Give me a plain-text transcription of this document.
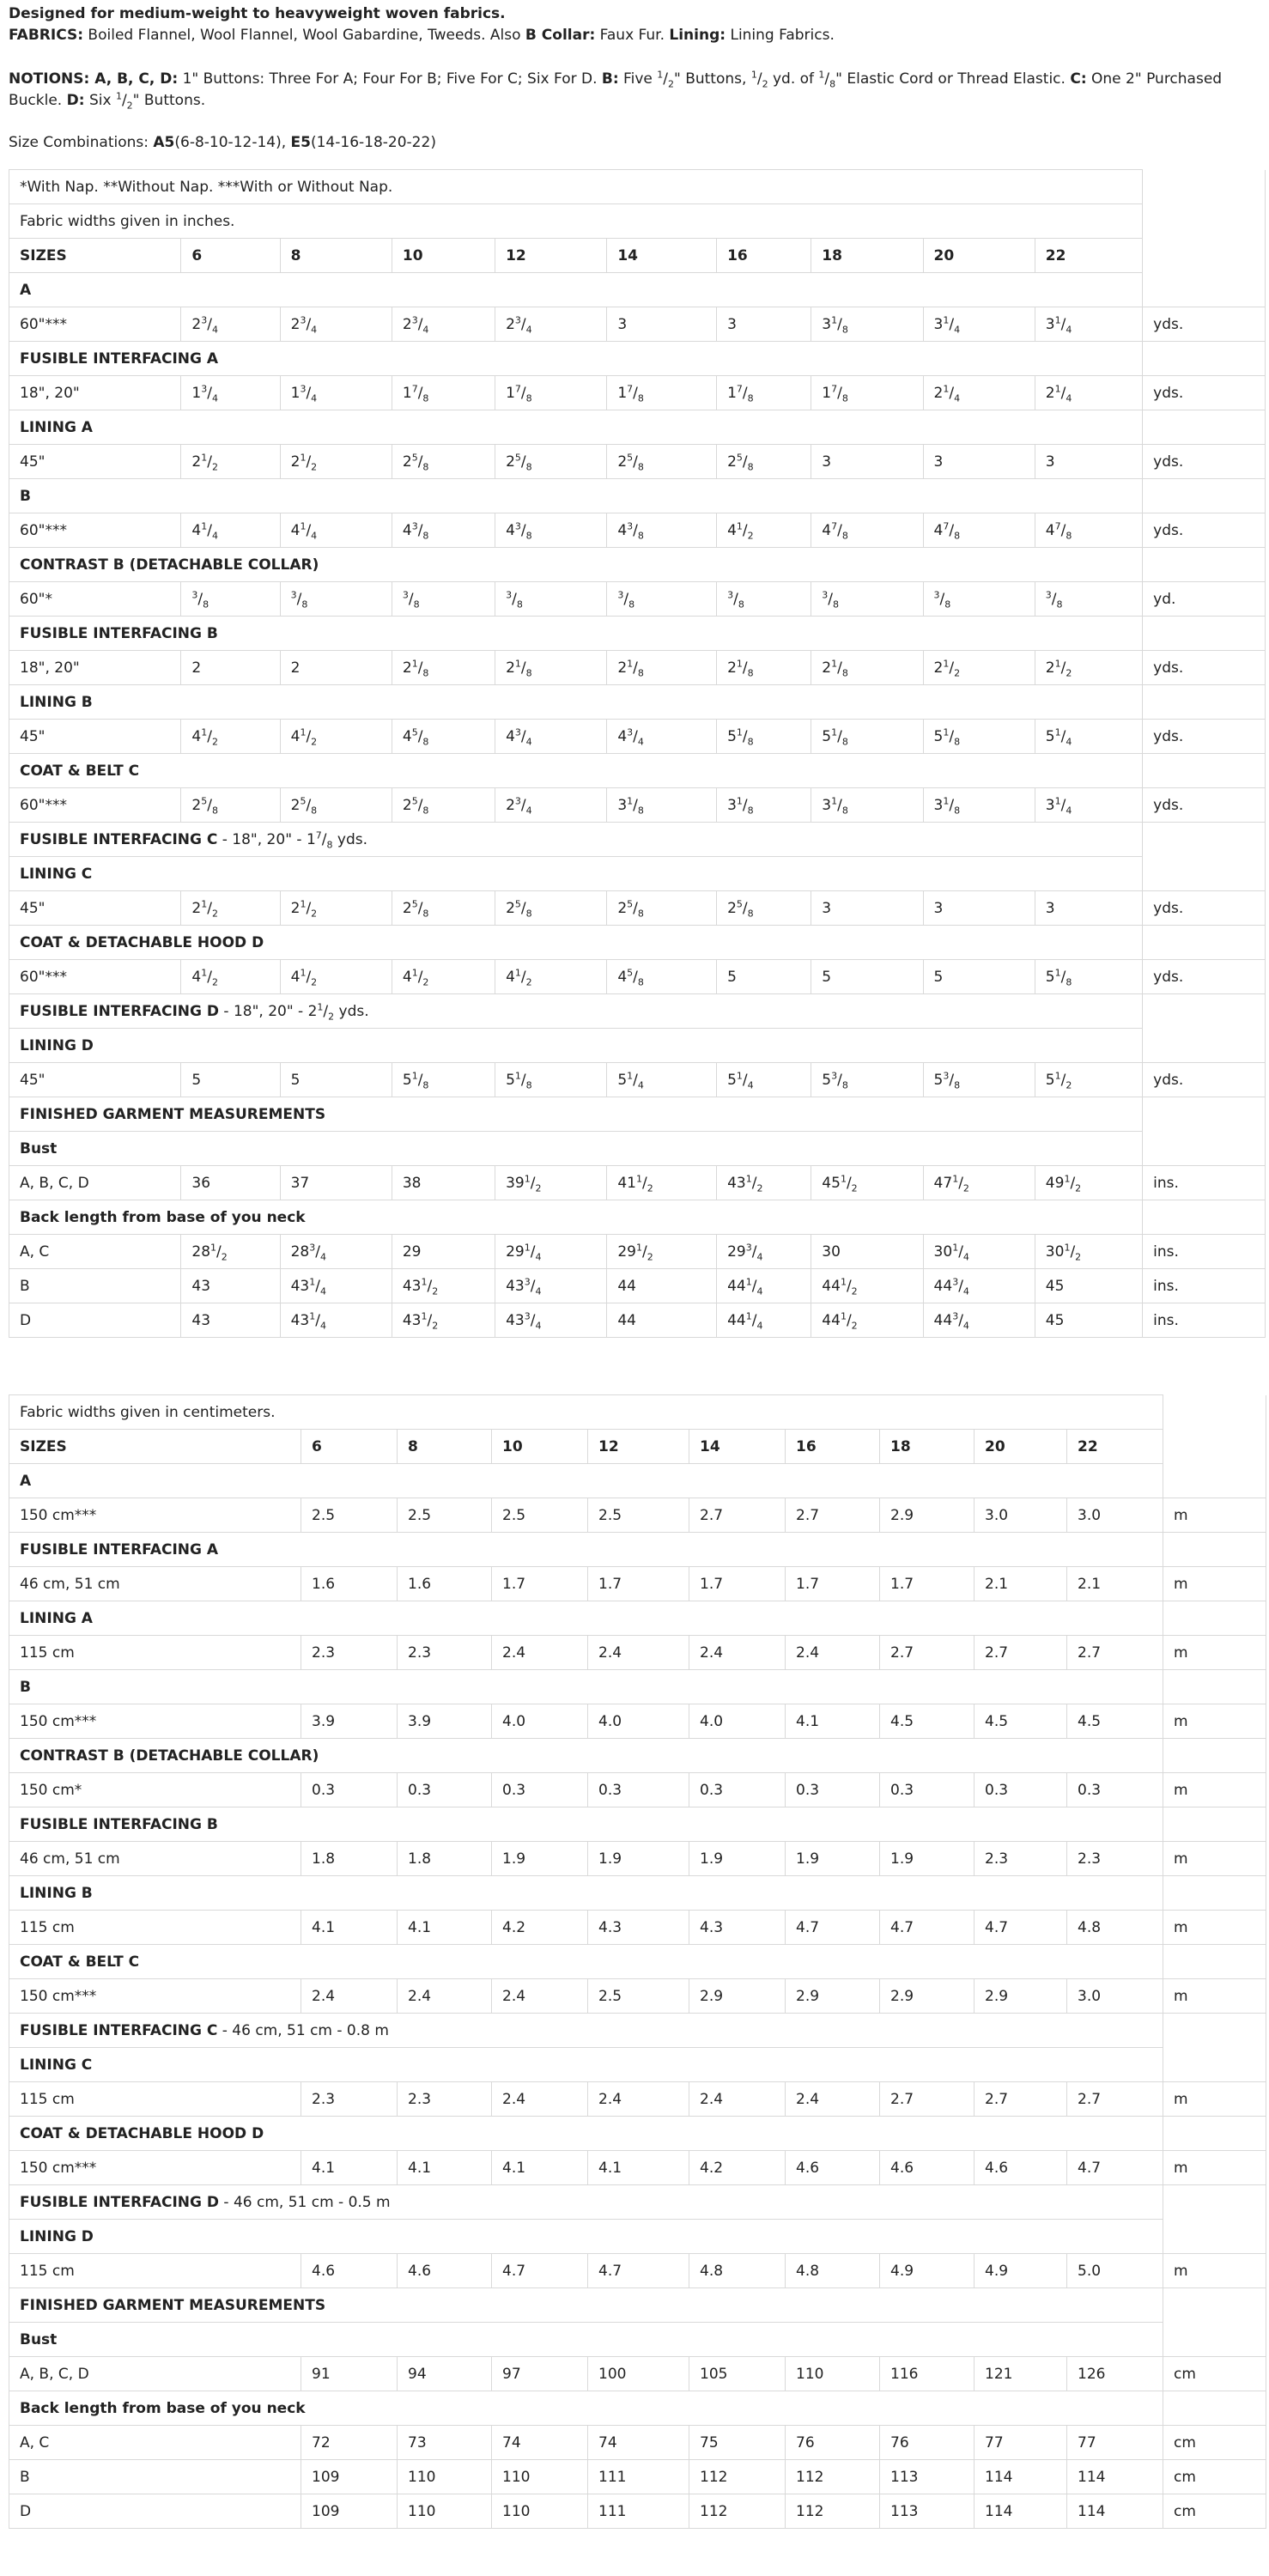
Designed for medium-weight to heavyweight woven fabrics.

FABRICS: Boiled Flannel, Wool Flannel, Wool Gabardine, Tweeds. Also B Collar: Faux Fur. Lining: Lining Fabrics.

NOTIONS: A, B, C, D: 1" Buttons: Three For A; Four For B; Five For C; Six For D. B: Five $^1/_2$" Buttons, $^1/_2$ yd. of $^1/_8$" Elastic Cord or Thread Elastic. C: One 2" Purchased Buckle. D: Six $^1/_2$" Buttons.

Size Combinations: A5(6-8-10-12-14), E5(14-16-18-20-22)

*With Nap. **Without Nap. ***With or Without Nap.										
Fabric widths given in inches.										
SIZES	6	8	10	12	14	16	18	20	22	
A										
60"***	$2^3/_4$	$2^3/_4$	$2^3/_4$	$2^3/_4$	3	3	$3^1/_8$	$3^1/_4$	$3^1/_4$	yds.
FUSIBLE INTERFACING A										
18", 20"	$1^3/_4$	$1^3/_4$	$1^7/_8$	$1^7/_8$	$1^7/_8$	$1^7/_8$	$1^7/_8$	$2^1/_4$	$2^1/_4$	yds.
LINING A										
45"	$2^1/_2$	$2^1/_2$	$2^5/_8$	$2^5/_8$	$2^5/_8$	$2^5/_8$	3	3	3	yds.
B										
60"***	$4^1/_4$	$4^1/_4$	$4^3/_8$	$4^3/_8$	$4^3/_8$	$4^1/_2$	$4^7/_8$	$4^7/_8$	$4^7/_8$	yds.
CONTRAST B (DETACHABLE COLLAR)										
60"*	$^3/_8$	$^3/_8$	$^3/_8$	$^3/_8$	$^3/_8$	$^3/_8$	$^3/_8$	$^3/_8$	$^3/_8$	yd.
FUSIBLE INTERFACING B										
18", 20"	2	2	$2^1/_8$	$2^1/_8$	$2^1/_8$	$2^1/_8$	$2^1/_8$	$2^1/_2$	$2^1/_2$	yds.
LINING B										
45"	$4^1/_2$	$4^1/_2$	$4^5/_8$	$4^3/_4$	$4^3/_4$	$5^1/_8$	$5^1/_8$	$5^1/_8$	$5^1/_4$	yds.
COAT & BELT C										
60"***	$2^5/_8$	$2^5/_8$	$2^5/_8$	$2^3/_4$	$3^1/_8$	$3^1/_8$	$3^1/_8$	$3^1/_8$	$3^1/_4$	yds.
FUSIBLE INTERFACING C - 18", 20" - $1^7/_8$ yds.										
LINING C										
45"	$2^1/_2$	$2^1/_2$	$2^5/_8$	$2^5/_8$	$2^5/_8$	$2^5/_8$	3	3	3	yds.
COAT & DETACHABLE HOOD D										
60"***	$4^1/_2$	$4^1/_2$	$4^1/_2$	$4^1/_2$	$4^5/_8$	5	5	5	$5^1/_8$	yds.
FUSIBLE INTERFACING D - 18", 20" - $2^1/_2$ yds.										
LINING D										
45"	5	5	$5^1/_8$	$5^1/_8$	$5^1/_4$	$5^1/_4$	$5^3/_8$	$5^3/_8$	$5^1/_2$	yds.
FINISHED GARMENT MEASUREMENTS										
Bust										
A, B, C, D	36	37	38	$39^1/_2$	$41^1/_2$	$43^1/_2$	$45^1/_2$	$47^1/_2$	$49^1/_2$	ins.
Back length from base of you neck										
A, C	$28^1/_2$	$28^3/_4$	29	$29^1/_4$	$29^1/_2$	$29^3/_4$	30	$30^1/_4$	$30^1/_2$	ins.
B	43	$43^1/_4$	$43^1/_2$	$43^3/_4$	44	$44^1/_4$	$44^1/_2$	$44^3/_4$	45	ins.
D	43	$43^1/_4$	$43^1/_2$	$43^3/_4$	44	$44^1/_4$	$44^1/_2$	$44^3/_4$	45	ins.
Fabric widths given in centimeters.										
SIZES	6	8	10	12	14	16	18	20	22	
A										
150 cm***	2.5	2.5	2.5	2.5	2.7	2.7	2.9	3.0	3.0	m
FUSIBLE INTERFACING A										
46 cm, 51 cm	1.6	1.6	1.7	1.7	1.7	1.7	1.7	2.1	2.1	m
LINING A										
115 cm	2.3	2.3	2.4	2.4	2.4	2.4	2.7	2.7	2.7	m
B										
150 cm***	3.9	3.9	4.0	4.0	4.0	4.1	4.5	4.5	4.5	m
CONTRAST B (DETACHABLE COLLAR)										
150 cm*	0.3	0.3	0.3	0.3	0.3	0.3	0.3	0.3	0.3	m
FUSIBLE INTERFACING B										
46 cm, 51 cm	1.8	1.8	1.9	1.9	1.9	1.9	1.9	2.3	2.3	m
LINING B										
115 cm	4.1	4.1	4.2	4.3	4.3	4.7	4.7	4.7	4.8	m
COAT & BELT C										
150 cm***	2.4	2.4	2.4	2.5	2.9	2.9	2.9	2.9	3.0	m
FUSIBLE INTERFACING C - 46 cm, 51 cm - 0.8 m										
LINING C										
115 cm	2.3	2.3	2.4	2.4	2.4	2.4	2.7	2.7	2.7	m
COAT & DETACHABLE HOOD D										
150 cm***	4.1	4.1	4.1	4.1	4.2	4.6	4.6	4.6	4.7	m
FUSIBLE INTERFACING D - 46 cm, 51 cm - 0.5 m										
LINING D										
115 cm	4.6	4.6	4.7	4.7	4.8	4.8	4.9	4.9	5.0	m
FINISHED GARMENT MEASUREMENTS										
Bust										
A, B, C, D	91	94	97	100	105	110	116	121	126	cm
Back length from base of you neck										
A, C	72	73	74	74	75	76	76	77	77	cm
B	109	110	110	111	112	112	113	114	114	cm
D	109	110	110	111	112	112	113	114	114	cm
